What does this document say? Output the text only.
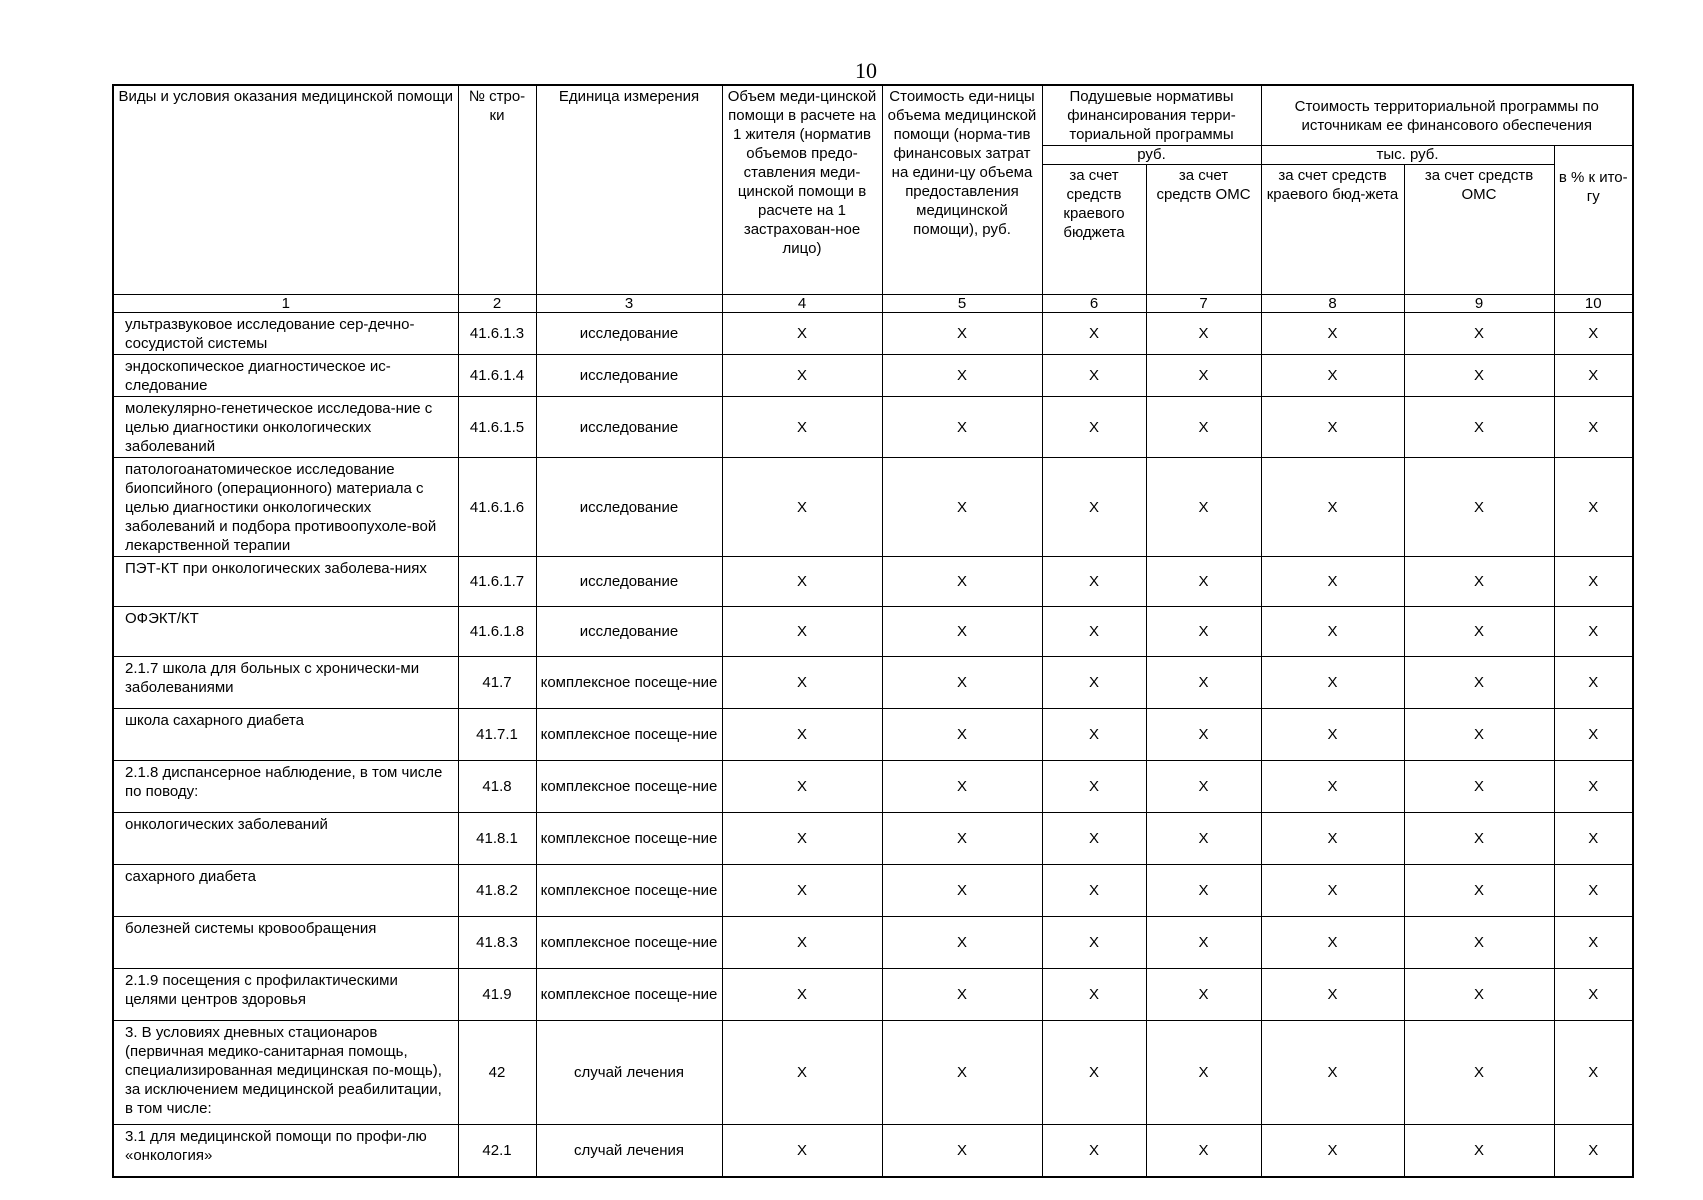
10
Виды и условия оказания медицинской помощи	№ стро-ки	Единица измерения	Объем меди-цинской помощи в расчете на 1 жителя (норматив объемов предо-ставления меди-цинской помощи в расчете на 1 застрахован-ное лицо)	Стоимость еди-ницы объема медицинской помощи (норма-тив финансовых затрат на едини-цу объема предоставления медицинской помощи), руб.	Подушевые нормативы финансирования терри-ториальной программы		Стоимость территориальной программы по источникам ее финансового обеспечения		
					руб.		тыс. руб.		в % к ито-гу
					за счет средств краевого бюджета	за счет средств ОМС	за счет средств краевого бюд-жета	за счет средств ОМС	
1	2	3	4	5	6	7	8	9	10
ультразвуковое исследование сер-дечно-сосудистой системы	41.6.1.3	исследование	X	X	X	X	X	X	X
эндоскопическое диагностическое ис-следование	41.6.1.4	исследование	X	X	X	X	X	X	X
молекулярно-генетическое исследова-ние с целью диагностики онкологических заболеваний	41.6.1.5	исследование	X	X	X	X	X	X	X
патологоанатомическое исследование биопсийного (операционного) материала с целью диагностики онкологических заболеваний и подбора противоопухоле-вой лекарственной терапии	41.6.1.6	исследование	X	X	X	X	X	X	X
ПЭТ-КТ при онкологических заболева-ниях	41.6.1.7	исследование	X	X	X	X	X	X	X
ОФЭКТ/КТ	41.6.1.8	исследование	X	X	X	X	X	X	X
2.1.7 школа для больных с хронически-ми заболеваниями	41.7	комплексное посеще-ние	X	X	X	X	X	X	X
школа сахарного диабета	41.7.1	комплексное посеще-ние	X	X	X	X	X	X	X
2.1.8 диспансерное наблюдение, в том числе по поводу:	41.8	комплексное посеще-ние	X	X	X	X	X	X	X
онкологических заболеваний	41.8.1	комплексное посеще-ние	X	X	X	X	X	X	X
сахарного диабета	41.8.2	комплексное посеще-ние	X	X	X	X	X	X	X
болезней системы кровообращения	41.8.3	комплексное посеще-ние	X	X	X	X	X	X	X
2.1.9 посещения с профилактическими целями центров здоровья	41.9	комплексное посеще-ние	X	X	X	X	X	X	X
3. В условиях дневных стационаров (первичная медико-санитарная помощь, специализированная медицинская по-мощь), за исключением медицинской реабилитации, в том числе:	42	случай лечения	X	X	X	X	X	X	X
3.1 для медицинской помощи по профи-лю «онкология»	42.1	случай лечения	X	X	X	X	X	X	X
